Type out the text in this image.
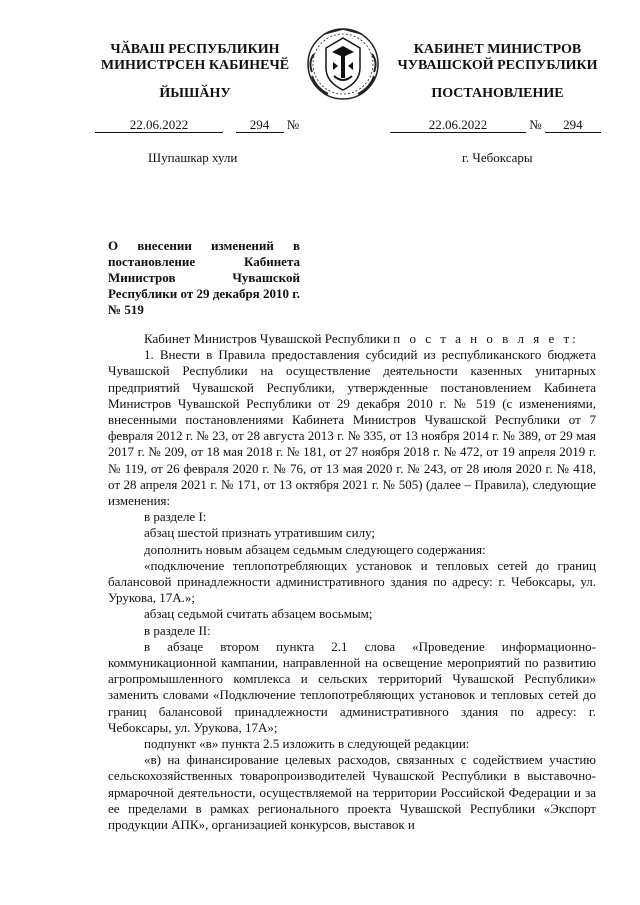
ЧӐВАШ РЕСПУБЛИКИН
МИНИСТРСЕН КАБИНЕЧӖ
ЙЫШӐНУ
КАБИНЕТ МИНИСТРОВ
ЧУВАШСКОЙ РЕСПУБЛИКИ
ПОСТАНОВЛЕНИЕ
22.06.2022	294 №	22.06.2022	№ 294
Шупашкар хули	г. Чебоксары
О внесении изменений в постановление Кабинета Министров Чувашской Республики от 29 декабря 2010 г. № 519

Кабинет Министров Чувашской Республики п о с т а н о в л я е т:

1. Внести в Правила предоставления субсидий из республиканского бюджета Чувашской Республики на осуществление деятельности казенных унитарных предприятий Чувашской Республики, утвержденные постановлением Кабинета Министров Чувашской Республики от 29 декабря 2010 г. № 519 (с изменениями, внесенными постановлениями Кабинета Министров Чувашской Республики от 7 февраля 2012 г. № 23, от 28 августа 2013 г. № 335, от 13 ноября 2014 г. № 389, от 29 мая 2017 г. № 209, от 18 мая 2018 г. № 181, от 27 ноября 2018 г. № 472, от 19 апреля 2019 г. № 119, от 26 февраля 2020 г. № 76, от 13 мая 2020 г. № 243, от 28 июля 2020 г. № 418, от 28 апреля 2021 г. № 171, от 13 октября 2021 г. № 505) (далее – Правила), следующие изменения:

в разделе I:

абзац шестой признать утратившим силу;

дополнить новым абзацем седьмым следующего содержания:

«подключение теплопотребляющих установок и тепловых сетей до границ балансовой принадлежности административного здания по адресу: г. Чебоксары, ул. Урукова, 17А.»;

абзац седьмой считать абзацем восьмым;

в разделе II:

в абзаце втором пункта 2.1 слова «Проведение информационно-коммуникационной кампании, направленной на освещение мероприятий по развитию агропромышленного комплекса и сельских территорий Чувашской Республики» заменить словами «Подключение теплопотребляющих установок и тепловых сетей до границ балансовой принадлежности административного здания по адресу: г. Чебоксары, ул. Урукова, 17А»;

подпункт «в» пункта 2.5 изложить в следующей редакции:

«в) на финансирование целевых расходов, связанных с содействием участию сельскохозяйственных товаропроизводителей Чувашской Республики в выставочно-ярмарочной деятельности, осуществляемой на территории Российской Федерации и за ее пределами в рамках регионального проекта Чувашской Республики «Экспорт продукции АПК», организацией конкурсов, выставок и
